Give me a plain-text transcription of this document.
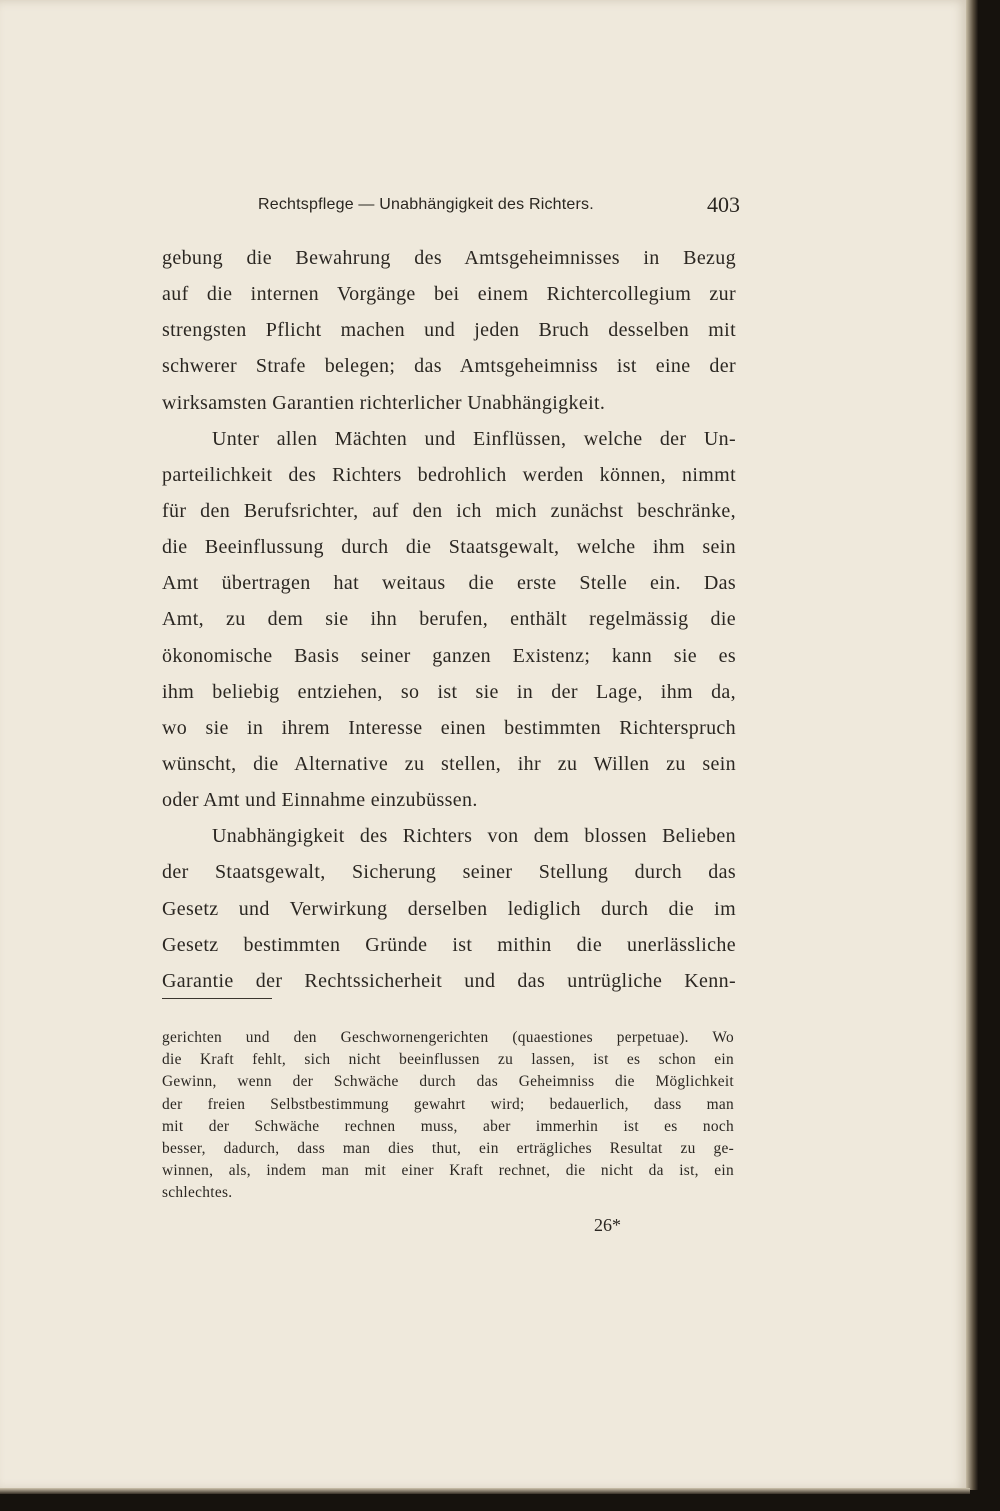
Rechtspflege — Unabhängigkeit des Richters.	403
gebung die Bewahrung des Amtsgeheimnisses in Bezug
auf die internen Vorgänge bei einem Richtercollegium zur
strengsten Pflicht machen und jeden Bruch desselben mit
schwerer Strafe belegen; das Amtsgeheimniss ist eine der
wirksamsten Garantien richterlicher Unabhängigkeit.
Unter allen Mächten und Einflüssen, welche der Un-
parteilichkeit des Richters bedrohlich werden können, nimmt
für den Berufsrichter, auf den ich mich zunächst beschränke,
die Beeinflussung durch die Staatsgewalt, welche ihm sein
Amt übertragen hat weitaus die erste Stelle ein. Das
Amt, zu dem sie ihn berufen, enthält regelmässig die
ökonomische Basis seiner ganzen Existenz; kann sie es
ihm beliebig entziehen, so ist sie in der Lage, ihm da,
wo sie in ihrem Interesse einen bestimmten Richterspruch
wünscht, die Alternative zu stellen, ihr zu Willen zu sein
oder Amt und Einnahme einzubüssen.
Unabhängigkeit des Richters von dem blossen Belieben
der Staatsgewalt, Sicherung seiner Stellung durch das
Gesetz und Verwirkung derselben lediglich durch die im
Gesetz bestimmten Gründe ist mithin die unerlässliche
Garantie der Rechtssicherheit und das untrügliche Kenn-
gerichten und den Geschwornengerichten (quaestiones perpetuae). Wo
die Kraft fehlt, sich nicht beeinflussen zu lassen, ist es schon ein
Gewinn, wenn der Schwäche durch das Geheimniss die Möglichkeit
der freien Selbstbestimmung gewahrt wird; bedauerlich, dass man
mit der Schwäche rechnen muss, aber immerhin ist es noch
besser, dadurch, dass man dies thut, ein erträgliches Resultat zu ge-
winnen, als, indem man mit einer Kraft rechnet, die nicht da ist, ein
schlechtes.
26*
